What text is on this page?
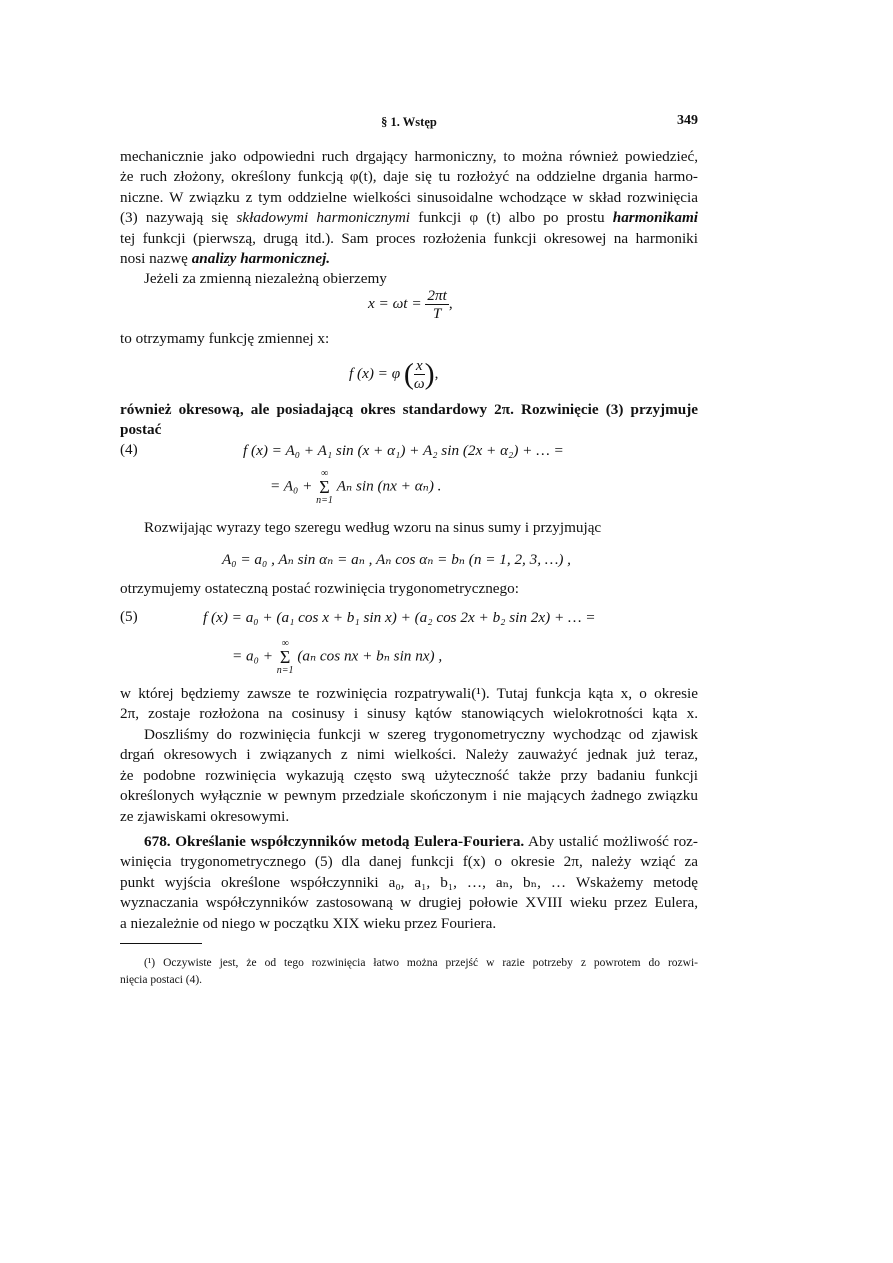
§ 1. Wstęp	349
mechanicznie jako odpowiedni ruch drgający harmoniczny, to można również powiedzieć,
że ruch złożony, określony funkcją φ(t), daje się tu rozłożyć na oddzielne drgania harmo-
niczne. W związku z tym oddzielne wielkości sinusoidalne wchodzące w skład rozwinięcia
(3) nazywają się składowymi harmonicznymi funkcji φ (t) albo po prostu harmonikami
tej funkcji (pierwszą, drugą itd.). Sam proces rozłożenia funkcji okresowej na harmoniki
nosi nazwę analizy harmonicznej.
Jeżeli za zmienną niezależną obierzemy
$x = \omega t = \frac{2\pi t}{T}$ ,
to otrzymamy funkcję zmiennej x:
f (x) = φ ( $\frac{x}{\omega}$ ),
również okresową, ale posiadającą okres standardowy 2π. Rozwinięcie (3) przyjmuje
postać
(4)	f (x) = A₀ + A₁ sin (x + α₁) + A₂ sin (2x + α₂) + … =
= A₀ +
∞
Σ
n=1
Aₙ sin (nx + αₙ) .
Rozwijając wyrazy tego szeregu według wzoru na sinus sumy i przyjmując
A₀ = a₀ , Aₙ sin αₙ = aₙ , Aₙ cos αₙ = bₙ (n = 1, 2, 3, …) ,
otrzymujemy ostateczną postać rozwinięcia trygonometrycznego:
(5)	f (x) = a₀ + (a₁ cos x + b₁ sin x) + (a₂ cos 2x + b₂ sin 2x) + … =
= a₀ +
∞
Σ
n=1
(aₙ cos nx + bₙ sin nx) ,
w której będziemy zawsze te rozwinięcia rozpatrywali(¹). Tutaj funkcja kąta x, o okresie
2π, zostaje rozłożona na cosinusy i sinusy kątów stanowiących wielokrotności kąta x.
Doszliśmy do rozwinięcia funkcji w szereg trygonometryczny wychodząc od zjawisk
drgań okresowych i związanych z nimi wielkości. Należy zauważyć jednak już teraz,
że podobne rozwinięcia wykazują często swą użyteczność także przy badaniu funkcji
określonych wyłącznie w pewnym przedziale skończonym i nie mających żadnego związku
ze zjawiskami okresowymi.
678. Określanie współczynników metodą Eulera-Fouriera. Aby ustalić możliwość roz-
winięcia trygonometrycznego (5) dla danej funkcji f(x) o okresie 2π, należy wziąć za
punkt wyjścia określone współczynniki a₀, a₁, b₁, …, aₙ, bₙ, … Wskażemy metodę
wyznaczania współczynników zastosowaną w drugiej połowie XVIII wieku przez Eulera,
a niezależnie od niego w początku XIX wieku przez Fouriera.
(¹) Oczywiste jest, że od tego rozwinięcia łatwo można przejść w razie potrzeby z powrotem do rozwi-
nięcia postaci (4).
